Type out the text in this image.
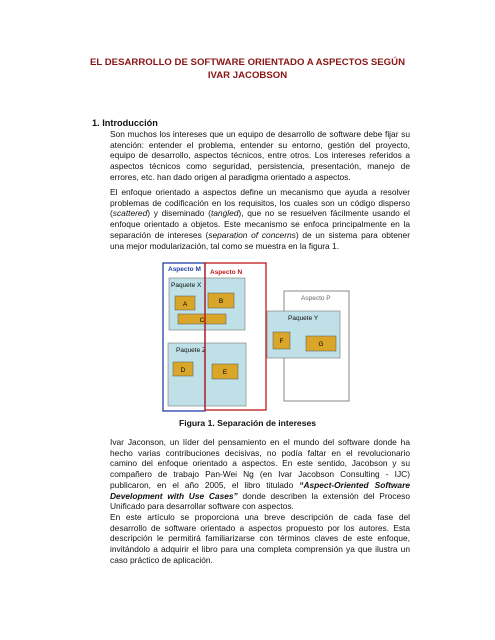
EL DESARROLLO DE SOFTWARE ORIENTADO A ASPECTOS SEGÚN
IVAR JACOBSON
1. Introducción

Son muchos los intereses que un equipo de desarrollo de software debe fijar su atención: entender el problema, entender su entorno, gestión del proyecto, equipo de desarrollo, aspectos técnicos, entre otros. Los intereses referidos a aspectos técnicos como seguridad, persistencia, presentación, manejo de errores, etc. han dado origen al paradigma orientado a aspectos.

El enfoque orientado a aspectos define un mecanismo que ayuda a resolver problemas de codificación en los requisitos, los cuales son un código disperso (scattered) y diseminado (tangled), que no se resuelven fácilmente usando el enfoque orientado a objetos. Este mecanismo se enfoca principalmente en la separación de intereses (separation of concerns) de un sistema para obtener una mejor modularización, tal como se muestra en la figura 1.

Aspecto P
Paquete Y
Paquete X
Paquete Z
A	B
C
D	E
F	G
Aspecto M Aspecto N
Figura 1. Separación de intereses

Ivar Jaconson, un líder del pensamiento en el mundo del software donde ha hecho varias contribuciones decisivas, no podía faltar en el revolucionario camino del enfoque orientado a aspectos. En este sentido, Jacobson y su compañero de trabajo Pan-Wei Ng (en Ivar Jacobson Consulting - IJC) publicaron, en el año 2005, el libro titulado “Aspect-Oriented Software Development with Use Cases” donde describen la extensión del Proceso Unificado para desarrollar software con aspectos.

En este artículo se proporciona una breve descripción de cada fase del desarrollo de software orientado a aspectos propuesto por los autores. Esta descripción le permitirá familiarizarse con términos claves de este enfoque, invitándolo a adquirir el libro para una completa comprensión ya que ilustra un caso práctico de aplicación.
